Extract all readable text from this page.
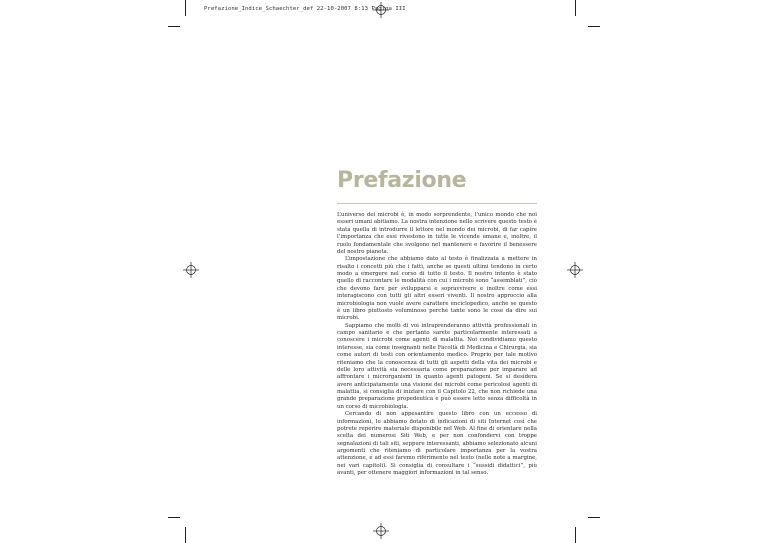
Prefazione_Indice_Schaechter_def 22-10-2007 8:13 Pagina III
Prefazione

L’universo dei microbi è, in modo sorprendente, l’unico mondo che noi esseri umani abitiamo. La nostra intenzione nello scrivere questo testo è stata quella di introdurre il lettore nel mondo dei microbi, di far capire l’importanza che essi rivestono in tutte le vicende umane e, inoltre, il ruolo fondamentale che svolgono nel mantenere e favorire il benessere del nostro pianeta.

L’impostazione che abbiamo dato al testo è finalizzata a mettere in risalto i concetti più che i fatti, anche se questi ultimi tendono in certo modo a emergere nel corso di tutto il testo. Il nostro intento è stato quello di raccontare le modalità con cui i microbi sono “assemblati”, ciò che devono fare per svilupparsi e sopravvivere e inoltre come essi interagiscono con tutti gli altri esseri viventi. Il nostro approccio alla microbiologia non vuole avere carattere enciclopedico, anche se questo è un libro piuttosto voluminoso perché tante sono le cose da dire sui microbi.

Sappiamo che molti di voi intraprenderanno attività professionali in campo sanitario e che pertanto sarete particolarmente interessati a conoscere i microbi come agenti di malattia. Noi condividiamo questo interesse, sia come insegnanti nelle Facoltà di Medicina e Chirurgia, sia come autori di testi con orientamento medico. Proprio per tale motivo riteniamo che la conoscenza di tutti gli aspetti della vita dei microbi e delle loro attività sia necessaria come preparazione per imparare ad affrontare i microrganismi in quanto agenti patogeni. Se si desidera avere anticipatamente una visione dei microbi come pericolosi agenti di malattia, si consiglia di iniziare con il Capitolo 22, che non richiede una grande preparazione propedeutica e può essere letto senza difficoltà in un corso di microbiologia.

Cercando di non appesantire questo libro con un eccesso di informazioni, lo abbiamo dotato di indicazioni di siti Internet così che potrete reperire materiale disponibile nel Web. Al fine di orientare nella scelta dei numerosi Siti Web, e per non confondervi con troppe segnalazioni di tali siti, seppure interessanti, abbiamo selezionato alcuni argomenti che riteniamo di particolare importanza per la vostra attenzione, e ad essi faremo riferimento nel testo (nelle note a margine, nei vari capitoli). Si consiglia di consultare i “sussidi didattici”, più avanti, per ottenere maggiori informazioni in tal senso.
